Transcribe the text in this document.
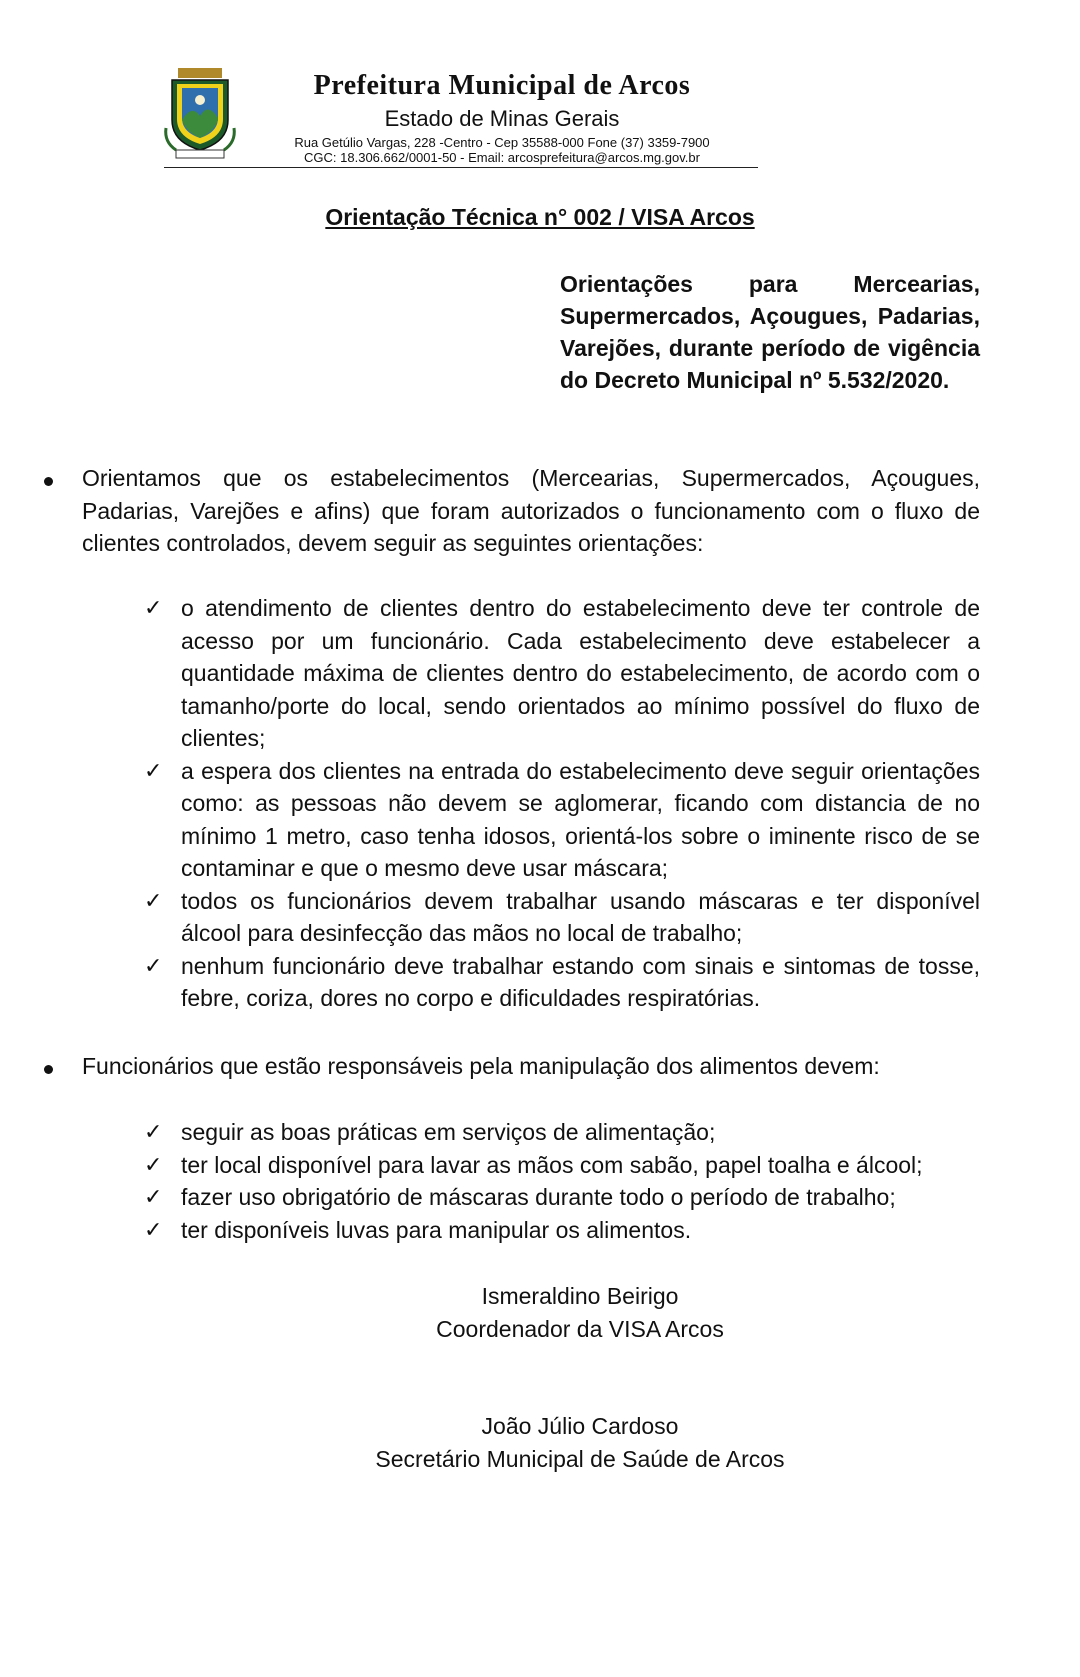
Prefeitura Municipal de Arcos
Estado de Minas Gerais
Rua Getúlio Vargas, 228 -Centro - Cep 35588-000 Fone (37) 3359-7900
CGC: 18.306.662/0001-50 - Email: arcosprefeitura@arcos.mg.gov.br
Orientação Técnica n° 002 / VISA Arcos
Orientações para Mercearias, Supermercados, Açougues, Padarias, Varejões, durante período de vigência do Decreto Municipal nº 5.532/2020.
Orientamos que os estabelecimentos (Mercearias, Supermercados, Açougues, Padarias, Varejões e afins) que foram autorizados o funcionamento com o fluxo de clientes controlados, devem seguir as seguintes orientações:
✓ o atendimento de clientes dentro do estabelecimento deve ter controle de acesso por um funcionário. Cada estabelecimento deve estabelecer a quantidade máxima de clientes dentro do estabelecimento, de acordo com o tamanho/porte do local, sendo orientados ao mínimo possível do fluxo de clientes;
✓ a espera dos clientes na entrada do estabelecimento deve seguir orientações como: as pessoas não devem se aglomerar, ficando com distancia de no mínimo 1 metro, caso tenha idosos, orientá-los sobre o iminente risco de se contaminar e que o mesmo deve usar máscara;
✓ todos os funcionários devem trabalhar usando máscaras e ter disponível álcool para desinfecção das mãos no local de trabalho;
✓ nenhum funcionário deve trabalhar estando com sinais e sintomas de tosse, febre, coriza, dores no corpo e dificuldades respiratórias.
Funcionários que estão responsáveis pela manipulação dos alimentos devem:
✓ seguir as boas práticas em serviços de alimentação;
✓ ter local disponível para lavar as mãos com sabão, papel toalha e álcool;
✓ fazer uso obrigatório de máscaras durante todo o período de trabalho;
✓ ter disponíveis luvas para manipular os alimentos.
Ismeraldino Beirigo
Coordenador da VISA Arcos
João Júlio Cardoso
Secretário Municipal de Saúde de Arcos
